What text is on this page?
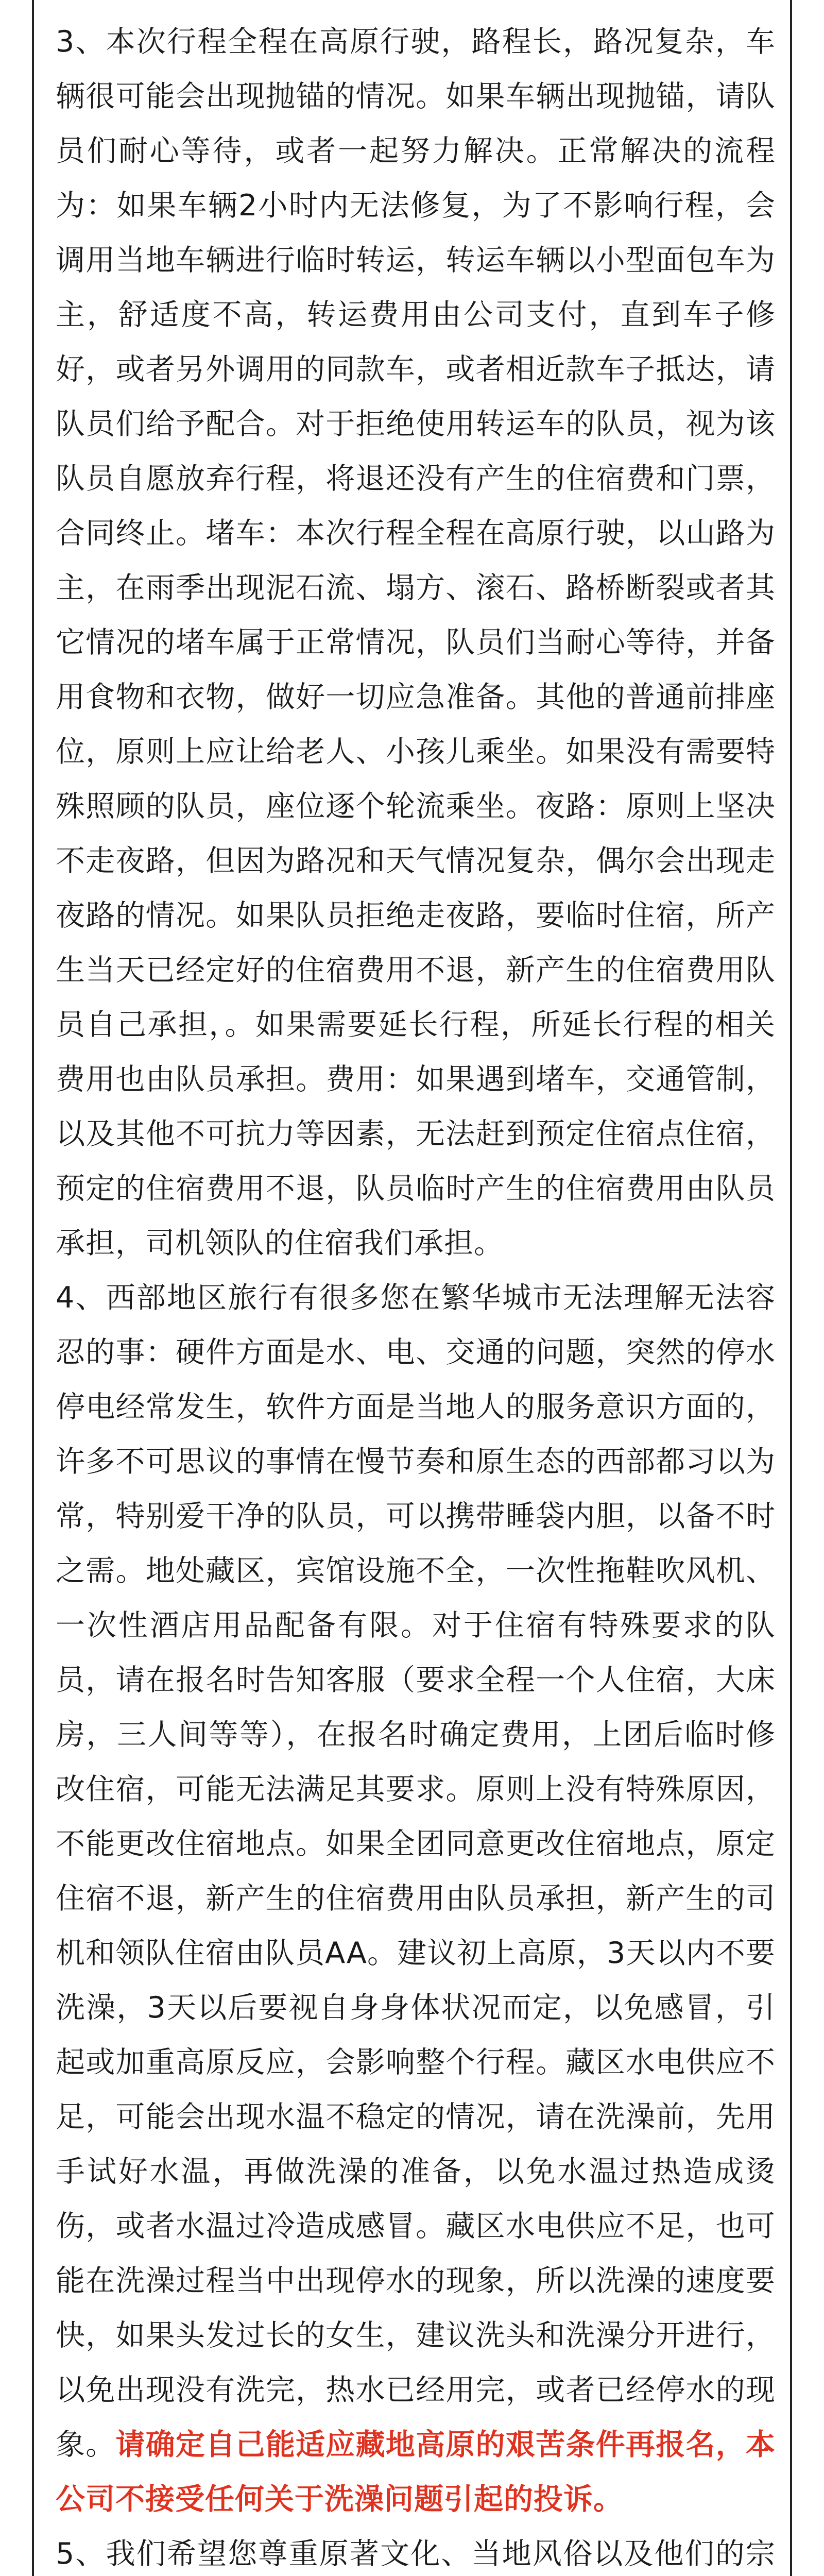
3、本次行程全程在高原行驶，路程长，路况复杂，车辆很可能会出现抛锚的情况。如果车辆出现抛锚，请队员们耐心等待，或者一起努力解决。正常解决的流程为：如果车辆2小时内无法修复，为了不影响行程，会调用当地车辆进行临时转运，转运车辆以小型面包车为主，舒适度不高，转运费用由公司支付，直到车子修好，或者另外调用的同款车，或者相近款车子抵达，请队员们给予配合。对于拒绝使用转运车的队员，视为该队员自愿放弃行程，将退还没有产生的住宿费和门票，合同终止。堵车：本次行程全程在高原行驶，以山路为主，在雨季出现泥石流、塌方、滚石、路桥断裂或者其它情况的堵车属于正常情况，队员们当耐心等待，并备用食物和衣物，做好一切应急准备。其他的普通前排座位，原则上应让给老人、小孩儿乘坐。如果没有需要特殊照顾的队员，座位逐个轮流乘坐。夜路：原则上坚决不走夜路，但因为路况和天气情况复杂，偶尔会出现走夜路的情况。如果队员拒绝走夜路，要临时住宿，所产生当天已经定好的住宿费用不退，新产生的住宿费用队员自己承担，。如果需要延长行程，所延长行程的相关费用也由队员承担。费用：如果遇到堵车，交通管制，以及其他不可抗力等因素，无法赶到预定住宿点住宿，预定的住宿费用不退，队员临时产生的住宿费用由队员承担，司机领队的住宿我们承担。

4、西部地区旅行有很多您在繁华城市无法理解无法容忍的事：硬件方面是水、电、交通的问题，突然的停水停电经常发生，软件方面是当地人的服务意识方面的，许多不可思议的事情在慢节奏和原生态的西部都习以为常，特别爱干净的队员，可以携带睡袋内胆，以备不时之需。地处藏区，宾馆设施不全，一次性拖鞋吹风机、一次性酒店用品配备有限。对于住宿有特殊要求的队员，请在报名时告知客服（要求全程一个人住宿，大床房，三人间等等），在报名时确定费用，上团后临时修改住宿，可能无法满足其要求。原则上没有特殊原因，不能更改住宿地点。如果全团同意更改住宿地点，原定住宿不退，新产生的住宿费用由队员承担，新产生的司机和领队住宿由队员AA。建议初上高原，3天以内不要洗澡，3天以后要视自身身体状况而定，以免感冒，引起或加重高原反应，会影响整个行程。藏区水电供应不足，可能会出现水温不稳定的情况，请在洗澡前，先用手试好水温，再做洗澡的准备，以免水温过热造成烫伤，或者水温过冷造成感冒。藏区水电供应不足，也可能在洗澡过程当中出现停水的现象，所以洗澡的速度要快，如果头发过长的女生，建议洗头和洗澡分开进行，以免出现没有洗完，热水已经用完，或者已经停水的现象。请确定自己能适应藏地高原的艰苦条件再报名，本公司不接受任何关于洗澡问题引起的投诉。

5、我们希望您尊重原著文化、当地风俗以及他们的宗
